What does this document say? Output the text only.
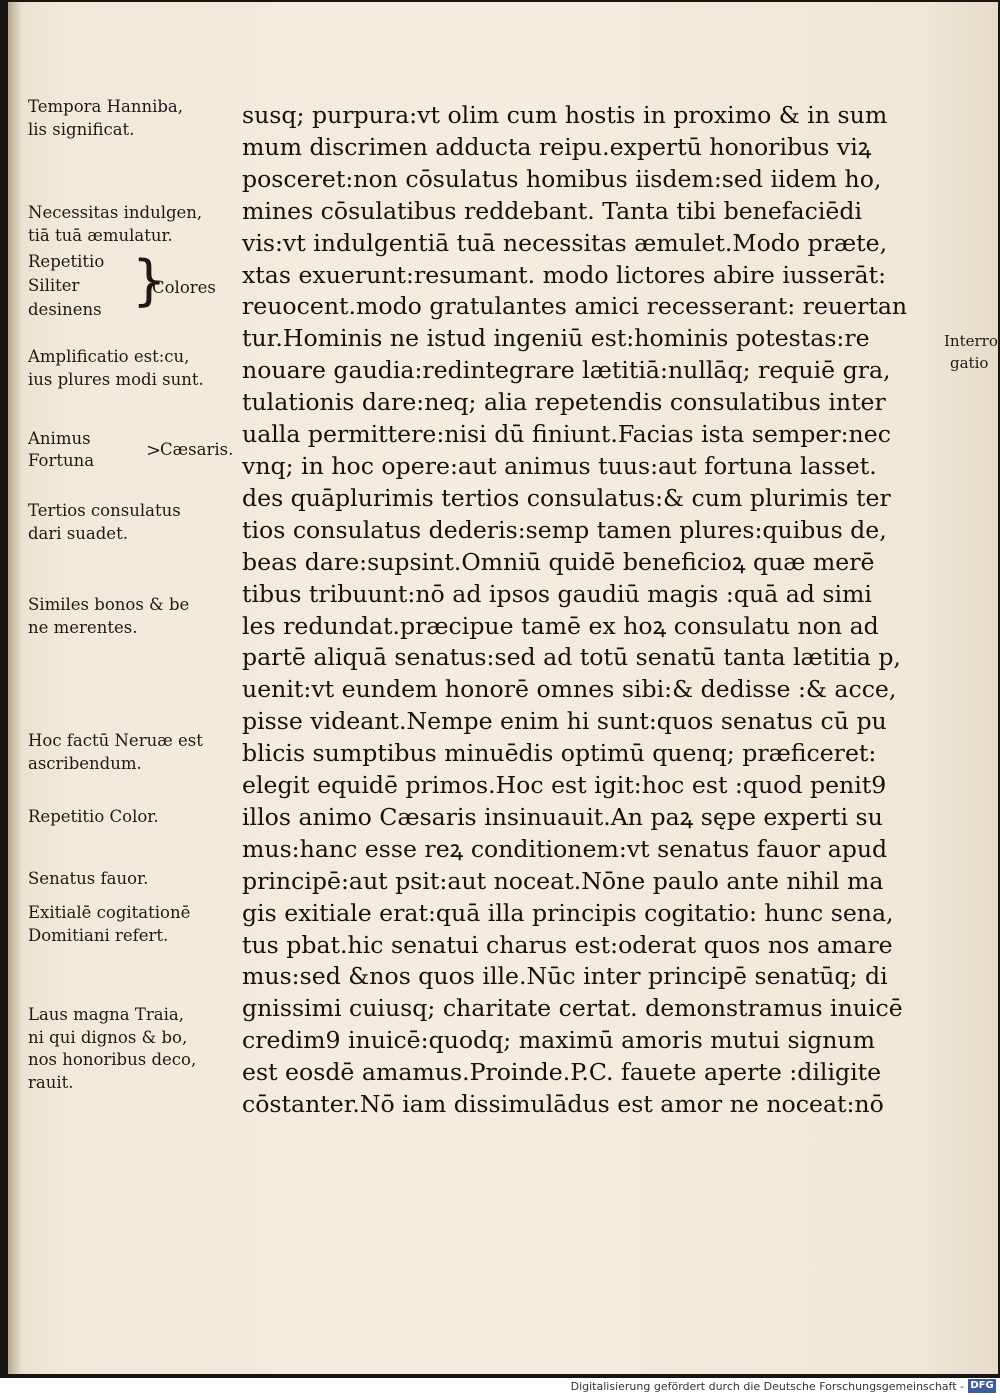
Tempora Hanniba,
lis significat.
Necessitas indulgen,
tiā tuā æmulatur.
Repetitio
Siliter
desinens }
Colores
Amplificatio est:cu,
ius plures modi sunt.
Animus
Fortuna	>
Cæsaris.
Tertios consulatus
dari suadet.
Similes bonos & be
ne merentes.
Hoc factū Neruæ est
ascribendum.
Repetitio Color.
Senatus fauor.
Exitialē cogitationē
Domitiani refert.
Laus magna Traia,
ni qui dignos & bo,
nos honoribus deco,
rauit.
Interro
gatio
susq; purpura:vt olim cum hostis in proximo & in sum
mum discrimen adducta reipu.expertū honoribus viꝝ
posceret:non cōsulatus homibus iisdem:sed iidem ho,
mines cōsulatibus reddebant. Tanta tibi benefaciēdi
vis:vt indulgentiā tuā necessitas æmulet.Modo præte,
xtas exuerunt:resumant. modo lictores abire iusserāt:
reuocent.modo gratulantes amici recesserant: reuertan
tur.Hominis ne istud ingeniū est:hominis potestas:re
nouare gaudia:redintegrare lætitiā:nullāq; requiē gra,
tulationis dare:neq; alia repetendis consulatibus inter
ualla permittere:nisi dū finiunt.Facias ista semper:nec
vnq; in hoc opere:aut animus tuus:aut fortuna lasset.
des quāplurimis tertios consulatus:& cum plurimis ter
tios consulatus dederis:semp tamen plures:quibus de,
beas dare:supsint.Omniū quidē beneficioꝝ quæ merē
tibus tribuunt:nō ad ipsos gaudiū magis :quā ad simi
les redundat.præcipue tamē ex hoꝝ consulatu non ad
partē aliquā senatus:sed ad totū senatū tanta lætitia p,
uenit:vt eundem honorē omnes sibi:& dedisse :& acce,
pisse videant.Nempe enim hi sunt:quos senatus cū pu
blicis sumptibus minuēdis optimū quenq; præficeret:
elegit equidē primos.Hoc est igit:hoc est :quod penit9
illos animo Cæsaris insinuauit.An paꝝ sępe experti su
mus:hanc esse reꝝ conditionem:vt senatus fauor apud
principē:aut psit:aut noceat.Nōne paulo ante nihil ma
gis exitiale erat:quā illa principis cogitatio: hunc sena,
tus pbat.hic senatui charus est:oderat quos nos amare
mus:sed &nos quos ille.Nūc inter principē senatūq; di
gnissimi cuiusq; charitate certat. demonstramus inuicē
credim9 inuicē:quodq; maximū amoris mutui signum
est eosdē amamus.Proinde.P.C. fauete aperte :diligite
cōstanter.Nō iam dissimulādus est amor ne noceat:nō
Digitalisierung gefördert durch die Deutsche Forschungsgemeinschaft - DFG
